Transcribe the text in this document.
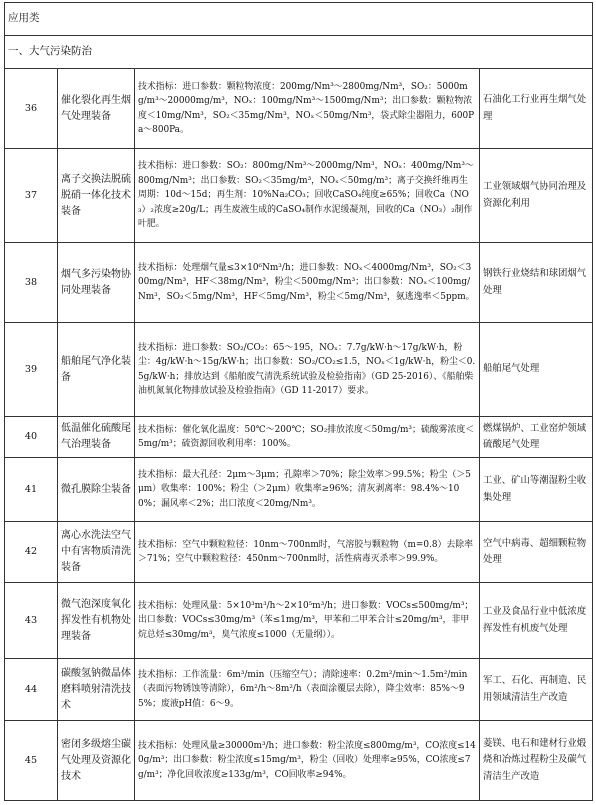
应用类			
一、大气污染防治			
36	催化裂化再生烟气处理装备	技术指标：进口参数：颗粒物浓度：200mg/Nm³～2800mg/Nm³，SO₂：5000mg/m³～20000mg/m³，NOₓ：100mg/Nm³～1500mg/Nm³；出口参数：颗粒物浓度＜10mg/Nm³，SO₂＜35mg/Nm³，NOₓ＜50mg/Nm³，袋式除尘器阻力，600Pa～800Pa。	石油化工行业再生烟气处理
37	离子交换法脱硫脱硝一体化技术装备	技术指标：进口参数：SO₂：800mg/Nm³～2000mg/Nm³，NOₓ：400mg/Nm³～800mg/Nm³；出口参数：SO₂＜35mg/m³，NOₓ＜50mg/m³；离子交换纤维再生周期：10d～15d；再生剂：10%Na₂CO₃；回收CaSO₄纯度≥65%；回收Ca（NO₃）₂浓度≥20g/L；再生废液生成的CaSO₄制作水泥缓凝剂，回收的Ca（NO₃）₂制作叶肥。	工业领域烟气协同治理及资源化利用
38	烟气多污染物协同处理装备	技术指标：处理烟气量≤3×10⁶Nm³/h；进口参数：NOₓ＜4000mg/Nm³，SO₂＜300mg/Nm³，HF＜38mg/Nm³，粉尘＜500mg/Nm³；出口参数：NOₓ＜100mg/Nm³，SO₂＜5mg/Nm³，HF＜5mg/Nm³，粉尘＜5mg/Nm³，氨逃逸率＜5ppm。	钢铁行业烧结和球团烟气处理
39	船舶尾气净化装备	技术指标：进口参数：SO₂/CO₂：65～195，NOₓ：7.7g/kW·h～17g/kW·h，粉尘：4g/kW·h～15g/kW·h；出口参数：SO₂/CO₂≤1.5，NOₓ＜1g/kW·h，粉尘＜0.5g/kW·h；排放达到《船舶废气清洗系统试验及检验指南》（GD 25-2016）、《船舶柴油机氮氧化物排放试验及检验指南》（GD 11-2017）要求。	船舶尾气处理
40	低温催化硫酸尾气治理装备	技术指标：催化氧化温度：50℃～200℃；SO₂排放浓度＜50mg/m³；硫酸雾浓度＜5mg/m³；硫资源回收利用率：100%。	燃煤锅炉、工业窑炉领域硫酸尾气处理
41	微孔膜除尘装备	技术指标：最大孔径：2μm～3μm；孔隙率＞70%；除尘效率＞99.5%；粉尘（＞5μm）收集率：100%；粉尘（＞2μm）收集率≥96%；清灰剥离率：98.4%～100%；漏风率＜2%；出口浓度＜20mg/Nm³。	工业、矿山等潮湿粉尘收集处理
42	离心水洗法空气中有害物质清洗装备	技术指标：空气中颗粒粒径：10nm～700nm时，气溶胶与颗粒物（m=0.8）去除率＞71%；空气中颗粒粒径：450nm～700nm时，活性病毒灭杀率＞99.9%。	空气中病毒、超细颗粒物处理
43	微气泡深度氧化挥发性有机物处理装备	技术指标：处理风量：5×10³m³/h～2×10⁵m³/h；进口参数：VOCs≤500mg/m³；出口参数：VOCs≤30mg/m³（苯≤1mg/m³，甲苯和二甲苯合计≤20mg/m³，非甲烷总烃≤30mg/m³，臭气浓度≤1000（无量纲））。	工业及食品行业中低浓度挥发性有机废气处理
44	碳酸氢钠微晶体磨料喷射清洗技术	技术指标：工作流量：6m³/min（压缩空气）；清除速率：0.2m²/min～1.5m²/min（表面污物锈蚀等清除），6m²/h～8m²/h（表面涂覆层去除），降尘效率：85%～95%；废液pH值：6～9。	军工、石化、再制造、民用领域清洁生产改造
45	密闭多级熔尘碳气处理及资源化技术	技术指标：处理风量≥30000m³/h；进口参数：粉尘浓度≤800mg/m³，CO浓度≤140g/m³；出口参数：粉尘浓度≤15mg/m³，粉尘（回收）处理率≥95%，CO浓度≤7g/m³；净化回收浓度≥133g/m³，CO回收率≥94%。	菱镁、电石和建材行业煅烧和冶炼过程粉尘及碳气清洁生产改造
